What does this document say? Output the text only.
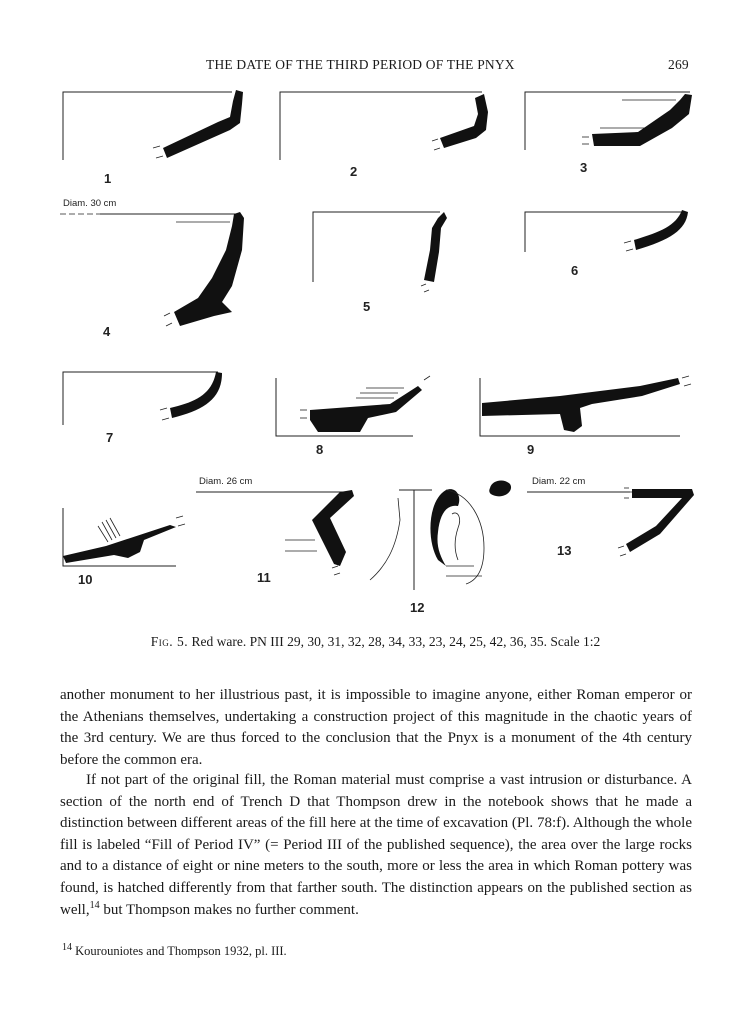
THE DATE OF THE THIRD PERIOD OF THE PNYX	269
1	2	3
Diam. 30 cm
4
5
6
7
8	9
10
Diam. 26 cm
11
12
Diam. 22 cm
13
Fig. 5. Red ware. PN III 29, 30, 31, 32, 28, 34, 33, 23, 24, 25, 42, 36, 35. Scale 1:2
another monument to her illustrious past, it is impossible to imagine anyone, either Roman emperor or the Athenians themselves, undertaking a construction project of this magnitude in the chaotic years of the 3rd century. We are thus forced to the conclusion that the Pnyx is a monument of the 4th century before the common era.
If not part of the original fill, the Roman material must comprise a vast intrusion or disturbance. A section of the north end of Trench D that Thompson drew in the notebook shows that he made a distinction between different areas of the fill here at the time of excavation (Pl. 78:f). Although the whole fill is labeled “Fill of Period IV” (= Period III of the published sequence), the area over the large rocks and to a distance of eight or nine meters to the south, more or less the area in which Roman pottery was found, is hatched differently from that farther south. The distinction appears on the published section as well,$^{14}$ but Thompson makes no further comment.
$^{14}$ Kourouniotes and Thompson 1932, pl. III.
